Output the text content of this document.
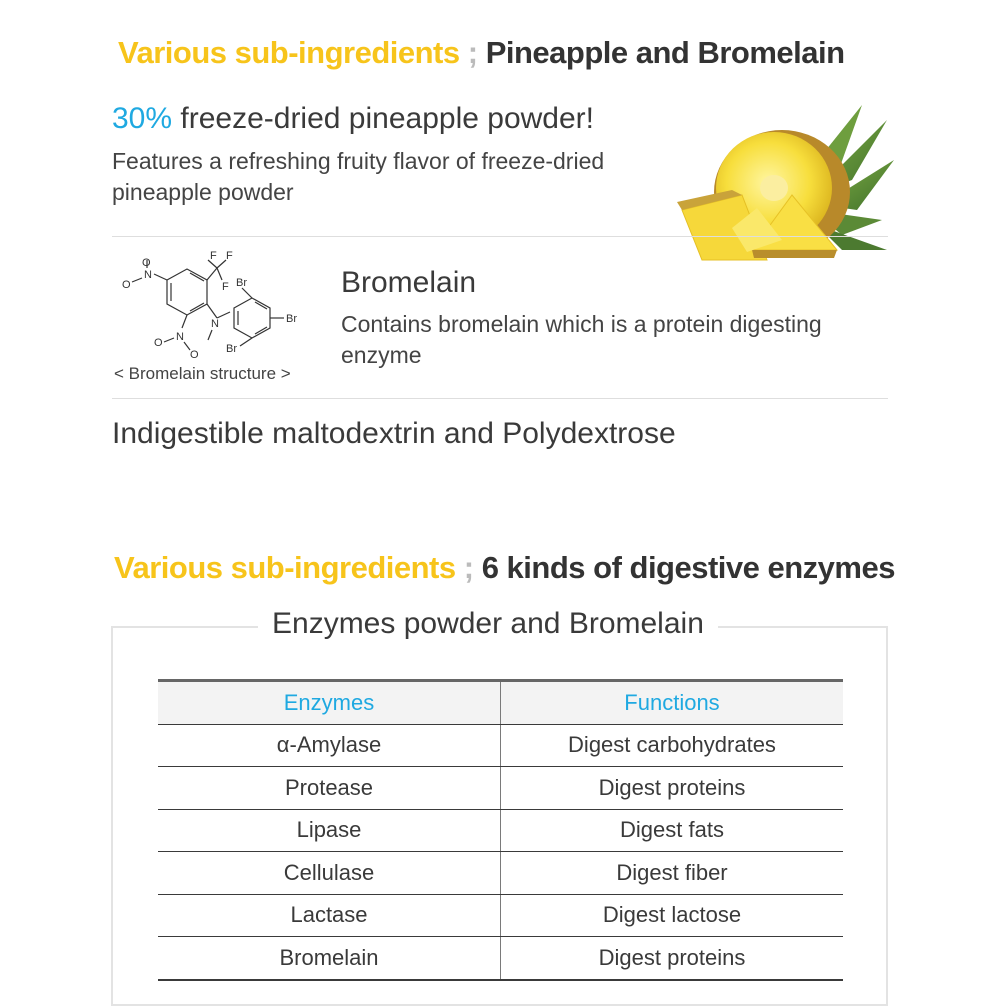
Various sub-ingredients ; Pineapple and Bromelain
30% freeze-dried pineapple powder!
Features a refreshing fruity flavor of freeze-dried pineapple powder
F F
F Br
Br
Br
N
N
O
O
N
O
O
< Bromelain structure >
Bromelain
Contains bromelain which is a protein digesting enzyme
Indigestible maltodextrin and Polydextrose
Various sub-ingredients ; 6 kinds of digestive enzymes
Enzymes powder and Bromelain
Enzymes	Functions
α-Amylase	Digest carbohydrates
Protease	Digest proteins
Lipase	Digest fats
Cellulase	Digest fiber
Lactase	Digest lactose
Bromelain	Digest proteins
